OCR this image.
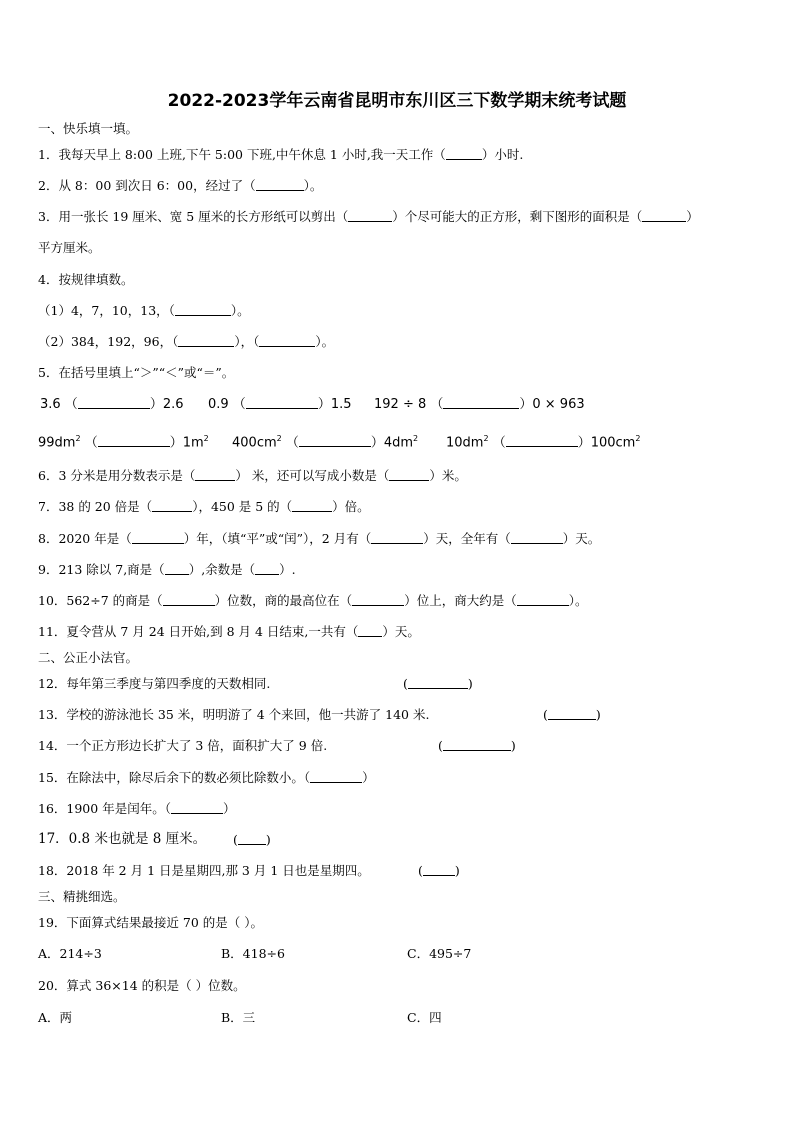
2022-2023学年云南省昆明市东川区三下数学期末统考试题
一、快乐填一填。
1．我每天早上 8:00 上班,下午 5:00 下班,中午休息 1 小时,我一天工作（	）小时.
2．从 8：00 到次日 6：00，经过了（	）。
3．用一张长 19 厘米、宽 5 厘米的长方形纸可以剪出（	）个尽可能大的正方形，剩下图形的面积是（	）
平方厘米。
4．按规律填数。
（1）4，7，10，13，（	）。
（2）384，192，96，（	），（	）。
5．在括号里填上“＞”“＜”或“＝”。
3.6 （	）2.6 0.9 （	）1.5 192 ÷ 8 （	）0 × 963
$99dm^2$ （	）$1m^2$ $400cm^2$ （	）$4dm^2$ $10dm^2$ （	）$100cm^2$
6．3 分米是用分数表示是（	） 米，还可以写成小数是（	）米。
7．38 的 20 倍是（	），450 是 5 的（	）倍。
8．2020 年是（	）年，（填“平”或“闰”），2 月有（	）天，全年有（	）天。
9．213 除以 7,商是（ ）,余数是（ ）.
10．562÷7 的商是（	）位数，商的最高位在（	）位上，商大约是（	）。
11．夏令营从 7 月 24 日开始,到 8 月 4 日结束,一共有（ ）天。
二、公正小法官。
12．每年第三季度与第四季度的天数相同.	(	)
13．学校的游泳池长 35 米，明明游了 4 个来回，他一共游了 140 米.	(	)
14．一个正方形边长扩大了 3 倍，面积扩大了 9 倍.	(	)
15．在除法中，除尽后余下的数必须比除数小。（	）
16．1900 年是闰年。（	）
17．0.8 米也就是 8 厘米。 ( )
18．2018 年 2 月 1 日是星期四,那 3 月 1 日也是星期四。	(	)
三、精挑细选。
19．下面算式结果最接近 70 的是（ ）。
A．214÷3	B．418÷6	C．495÷7
20．算式 36×14 的积是（ ）位数。
A．两	B．三	C．四
